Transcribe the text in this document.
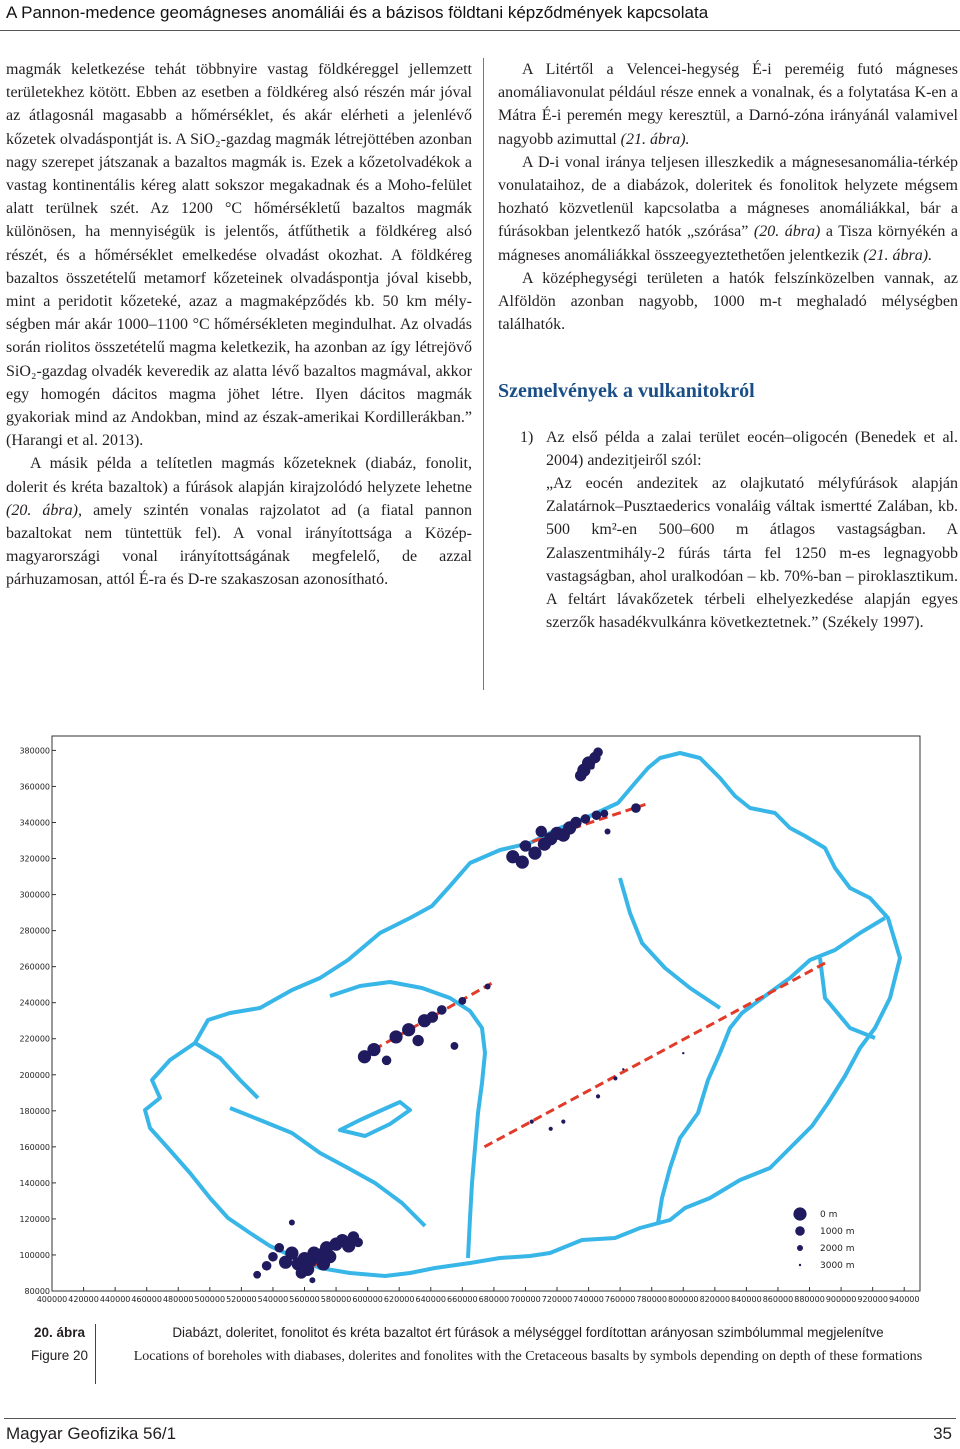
A Pannon-medence geomágneses anomáliái és a bázisos földtani képződmények kapcsolata

magmák keletkezése tehát többnyire vastag földkéreggel jellemzett területekhez kötött. Ebben az esetben a földkéreg alsó részén már jóval az átlagosnál magasabb a hőmérséklet, és akár elérheti a jelenlévő kőzetek olvadáspontját is. A SiO₂-gazdag magmák létrejöttében azonban nagy szerepet játszanak a bazaltos magmák is. Ezek a kőzetolvadékok a vastag kontinentális kéreg alatt sokszor megakadnak és a Moho-felület alatt terülnek szét. Az 1200 °C hőmérsékletű bazaltos magmák különösen, ha mennyiségük is jelentős, átfűthetik a földkéreg alsó részét, és a hőmérséklet emelkedése olvadást okozhat. A földkéreg bazaltos összetételű metamorf kőzeteinek olvadáspontja jóval kisebb, mint a peridotit kőzeteké, azaz a magmaképződés kb. 50 km mélységben már akár 1000–1100 °C hőmérsékleten megindulhat. Az olvadás során riolitos összetételű magma keletkezik, ha azonban az így létrejövő SiO₂-gazdag olvadék keveredik az alatta lévő bazaltos magmával, akkor egy homogén dácitos magma jöhet létre. Ilyen dácitos magmák gyakoriak mind az Andokban, mind az észak-amerikai Kordillerákban.” (Harangi et al. 2013).

A másik példa a telítetlen magmás kőzeteknek (diabáz, fonolit, dolerit és kréta bazaltok) a fúrások alapján kirajzolódó helyzete lehetne (20. ábra), amely szintén vonalas rajzolatot ad (a fiatal pannon bazaltokat nem tüntettük fel). A vonal irányítottsága a Közép-magyarországi vonal irányítottságának megfelelő, de azzal párhuzamosan, attól É-ra és D-re szakaszosan azonosítható.

A Litértől a Velencei-hegység É-i pereméig futó mágneses anomáliavonulat például része ennek a vonalnak, és a folytatása K-en a Mátra É-i peremén megy keresztül, a Darnó-zóna irányánál valamivel nagyobb azimuttal (21. ábra).

A D-i vonal iránya teljesen illeszkedik a mágnesesanomália-térkép vonulataihoz, de a diabázok, doleritek és fonolitok helyzete mégsem hozható közvetlenül kapcsolatba a mágneses anomáliákkal, bár a fúrásokban jelentkező hatók „szórása” (20. ábra) a Tisza környékén a mágneses anomáliákkal összeegyeztethetően jelentkezik (21. ábra).

A középhegységi területen a hatók felszínközelben vannak, az Alföldön azonban nagyobb, 1000 m-t meghaladó mélységben találhatók.

Szemelvények a vulkanitokról

1) Az első példa a zalai terület eocén–oligocén (Benedek et al. 2004) andezitjeiről szól:

„Az eocén andezitek az olajkutató mélyfúrások alapján Zalatárnok–Pusztaederics vonaláig váltak ismertté Zalában, kb. 500 km²-en 500–600 m átlagos vastagságban. A Zalaszentmihály-2 fúrás tárta fel 1250 m-es legnagyobb vastagságban, ahol uralkodóan – kb. 70%-ban – piroklasztikum. A feltárt lávakőzetek térbeli elhelyezkedése alapján egyes szerzők hasadékvulkánra következtetnek.” (Székely 1997).

80000
100000
120000
140000
160000
180000
200000
220000
240000
260000
280000
300000
320000
340000
360000
380000
400000 420000 440000 460000 480000 500000 520000 540000 560000 580000 600000 620000 640000 660000 680000 700000 720000 740000 760000 780000 800000 820000 840000 860000 880000 900000 920000 940000
0 m
1000 m
2000 m
3000 m
20. ábra
Figure 20
Diabázt, doleritet, fonolitot és kréta bazaltot ért fúrások a mélységgel fordítottan arányosan szimbólummal megjelenítve
Locations of boreholes with diabases, dolerites and fonolites with the Cretaceous basalts by symbols depending on depth of these formations
Magyar Geofizika 56/1	35
